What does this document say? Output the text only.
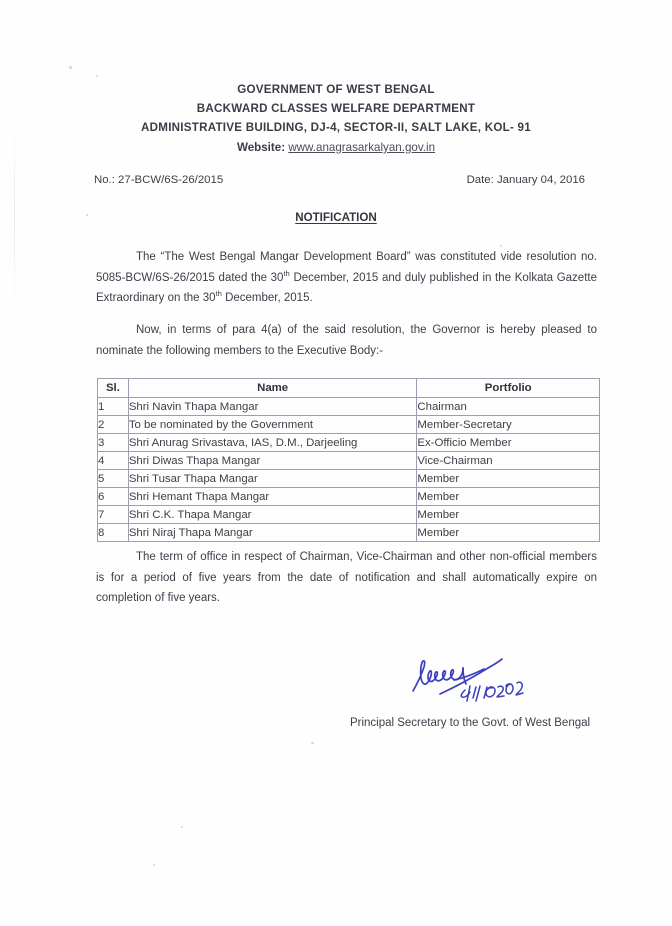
GOVERNMENT OF WEST BENGAL
BACKWARD CLASSES WELFARE DEPARTMENT
ADMINISTRATIVE BUILDING, DJ-4, SECTOR-II, SALT LAKE, KOL- 91
Website: www.anagrasarkalyan.gov.in
No.: 27-BCW/6S-26/2015	Date: January 04, 2016
NOTIFICATION
The “The West Bengal Mangar Development Board” was constituted vide resolution no. 5085-BCW/6S-26/2015 dated the 30th December, 2015 and duly published in the Kolkata Gazette Extraordinary on the 30th December, 2015.
Now, in terms of para 4(a) of the said resolution, the Governor is hereby pleased to nominate the following members to the Executive Body:-
Sl.	Name	Portfolio
1	Shri Navin Thapa Mangar	Chairman
2	To be nominated by the Government	Member-Secretary
3	Shri Anurag Srivastava, IAS, D.M., Darjeeling	Ex-Officio Member
4	Shri Diwas Thapa Mangar	Vice-Chairman
5	Shri Tusar Thapa Mangar	Member
6	Shri Hemant Thapa Mangar	Member
7	Shri C.K. Thapa Mangar	Member
8	Shri Niraj Thapa Mangar	Member
The term of office in respect of Chairman, Vice-Chairman and other non-official members is for a period of five years from the date of notification and shall automatically expire on completion of five years.
Principal Secretary to the Govt. of West Bengal
